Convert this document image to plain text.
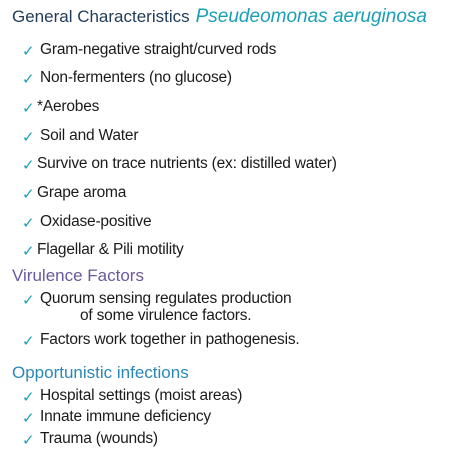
General Characteristics Pseudeomonas aeruginosa
✓ Gram-negative straight/curved rods
✓ Non-fermenters (no glucose)
✓ *Aerobes
✓ Soil and Water
✓ Survive on trace nutrients (ex: distilled water)
✓ Grape aroma
✓ Oxidase-positive
✓ Flagellar & Pili motility
Virulence Factors
✓ Quorum sensing regulates production
of some virulence factors.
✓ Factors work together in pathogenesis.
Opportunistic infections
✓ Hospital settings (moist areas)
✓ Innate immune deficiency
✓ Trauma (wounds)
